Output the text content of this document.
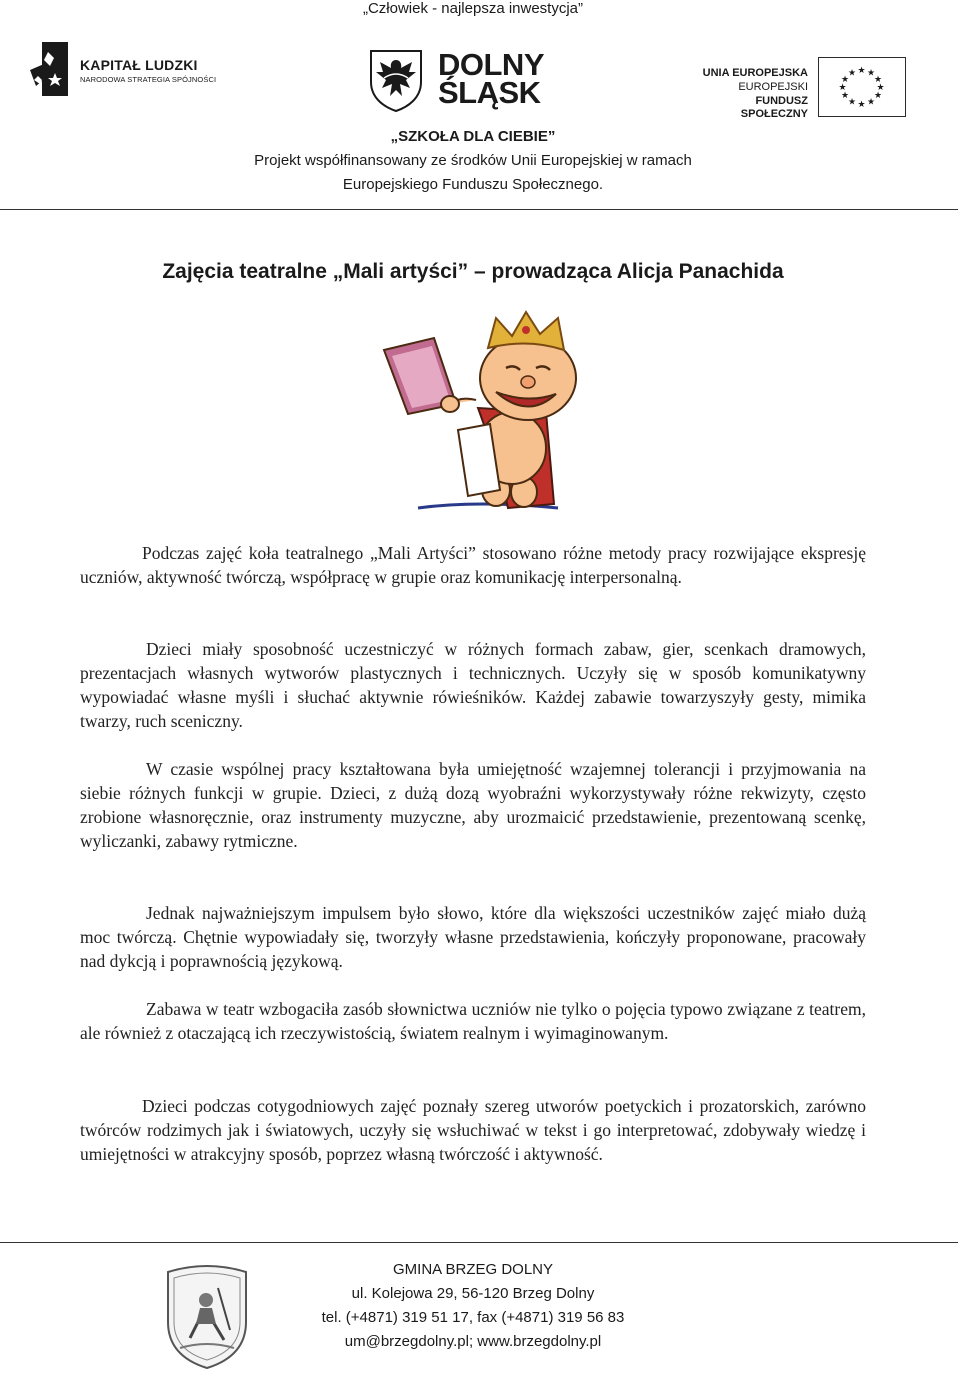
„Człowiek - najlepsza inwestycja”
KAPITAŁ LUDZKI
NARODOWA STRATEGIA SPÓJNOŚCI	DOLNY
ŚLĄSK
UNIA EUROPEJSKA
EUROPEJSKI
FUNDUSZ SPOŁECZNY
★ ★
★
★
★
★
★
★
★
★
★
★
„SZKOŁA DLA CIEBIE”
Projekt współfinansowany ze środków Unii Europejskiej w ramach
Europejskiego Funduszu Społecznego.
Zajęcia teatralne „Mali artyści” – prowadząca Alicja Panachida

Podczas zajęć koła teatralnego „Mali Artyści” stosowano różne metody pracy rozwijające ekspresję uczniów, aktywność twórczą, współpracę w grupie oraz komunikację interpersonalną.

Dzieci miały sposobność uczestniczyć w różnych formach zabaw, gier, scenkach dramowych, prezentacjach własnych wytworów plastycznych i technicznych. Uczyły się w sposób komunikatywny wypowiadać własne myśli i słuchać aktywnie rówieśników. Każdej zabawie towarzyszyły gesty, mimika twarzy, ruch sceniczny.

W czasie wspólnej pracy kształtowana była umiejętność wzajemnej tolerancji i przyjmowania na siebie różnych funkcji w grupie. Dzieci, z dużą dozą wyobraźni wykorzystywały różne rekwizyty, często zrobione własnoręcznie, oraz instrumenty muzyczne, aby urozmaicić przedstawienie, prezentowaną scenkę, wyliczanki, zabawy rytmiczne.

Jednak najważniejszym impulsem było słowo, które dla większości uczestników zajęć miało dużą moc twórczą. Chętnie wypowiadały się, tworzyły własne przedstawienia, kończyły proponowane, pracowały nad dykcją i poprawnością językową.

Zabawa w teatr wzbogaciła zasób słownictwa uczniów nie tylko o pojęcia typowo związane z teatrem, ale również z otaczającą ich rzeczywistością, światem realnym i wyimaginowanym.

Dzieci podczas cotygodniowych zajęć poznały szereg utworów poetyckich i prozatorskich, zarówno twórców rodzimych jak i światowych, uczyły się wsłuchiwać w tekst i go interpretować, zdobywały wiedzę i umiejętności w atrakcyjny sposób, poprzez własną twórczość i aktywność.

GMINA BRZEG DOLNY
ul. Kolejowa 29, 56-120 Brzeg Dolny
tel. (+4871) 319 51 17, fax (+4871) 319 56 83
um@brzegdolny.pl; www.brzegdolny.pl
